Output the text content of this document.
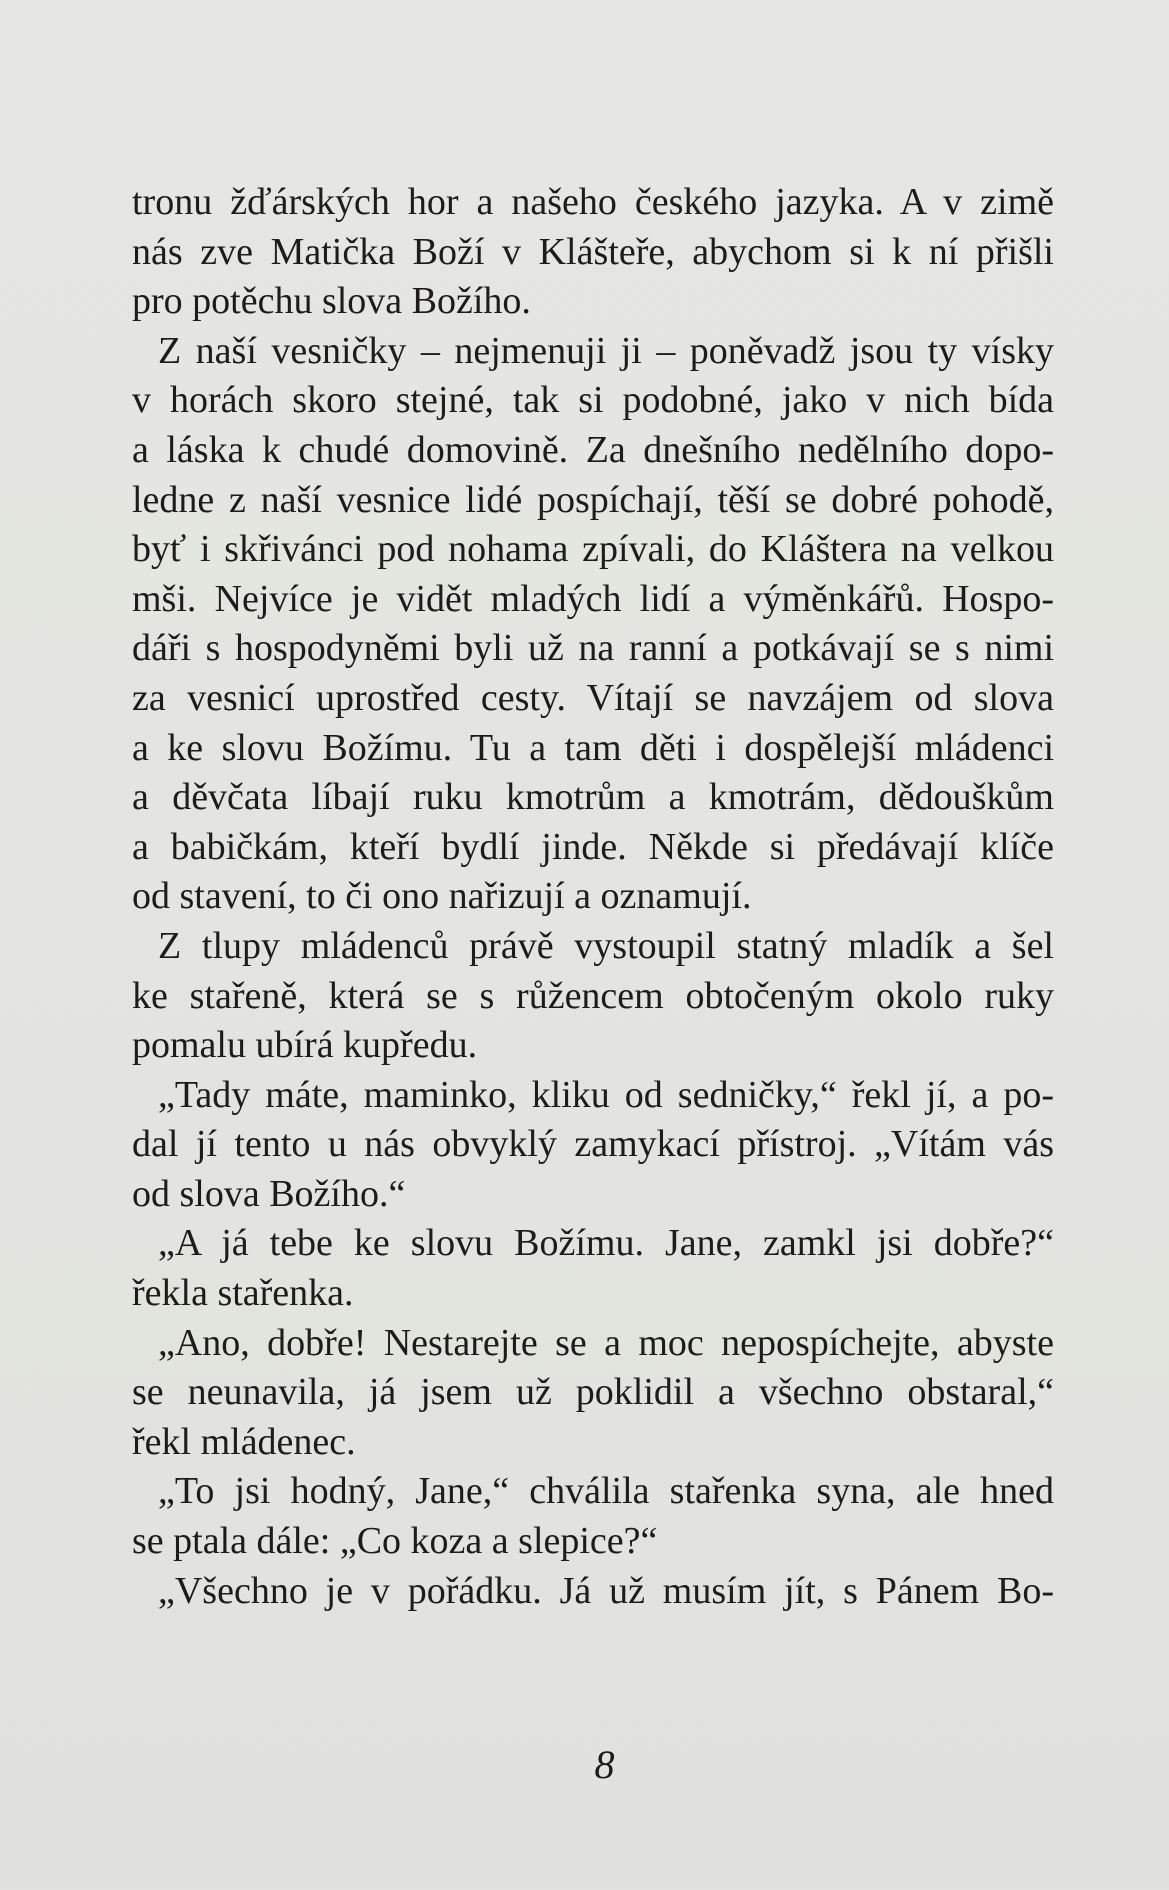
tronu žďárských hor a našeho českého jazyka. A v zimě
nás zve Matička Boží v Klášteře, abychom si k ní přišli
pro potěchu slova Božího.
Z naší vesničky – nejmenuji ji – poněvadž jsou ty vísky
v horách skoro stejné, tak si podobné, jako v nich bída
a láska k chudé domovině. Za dnešního nedělního dopo-
ledne z naší vesnice lidé pospíchají, těší se dobré pohodě,
byť i skřivánci pod nohama zpívali, do Kláštera na velkou
mši. Nejvíce je vidět mladých lidí a výměnkářů. Hospo-
dáři s hospodyněmi byli už na ranní a potkávají se s nimi
za vesnicí uprostřed cesty. Vítají se navzájem od slova
a ke slovu Božímu. Tu a tam děti i dospělejší mládenci
a děvčata líbají ruku kmotrům a kmotrám, dědouškům
a babičkám, kteří bydlí jinde. Někde si předávají klíče
od stavení, to či ono nařizují a oznamují.
Z tlupy mládenců právě vystoupil statný mladík a šel
ke stařeně, která se s růžencem obtočeným okolo ruky
pomalu ubírá kupředu.
„Tady máte, maminko, kliku od sedničky,“ řekl jí, a po-
dal jí tento u nás obvyklý zamykací přístroj. „Vítám vás
od slova Božího.“
„A já tebe ke slovu Božímu. Jane, zamkl jsi dobře?“
řekla stařenka.
„Ano, dobře! Nestarejte se a moc nepospíchejte, abyste
se neunavila, já jsem už poklidil a všechno obstaral,“
řekl mládenec.
„To jsi hodný, Jane,“ chválila stařenka syna, ale hned
se ptala dále: „Co koza a slepice?“
„Všechno je v pořádku. Já už musím jít, s Pánem Bo-
8
